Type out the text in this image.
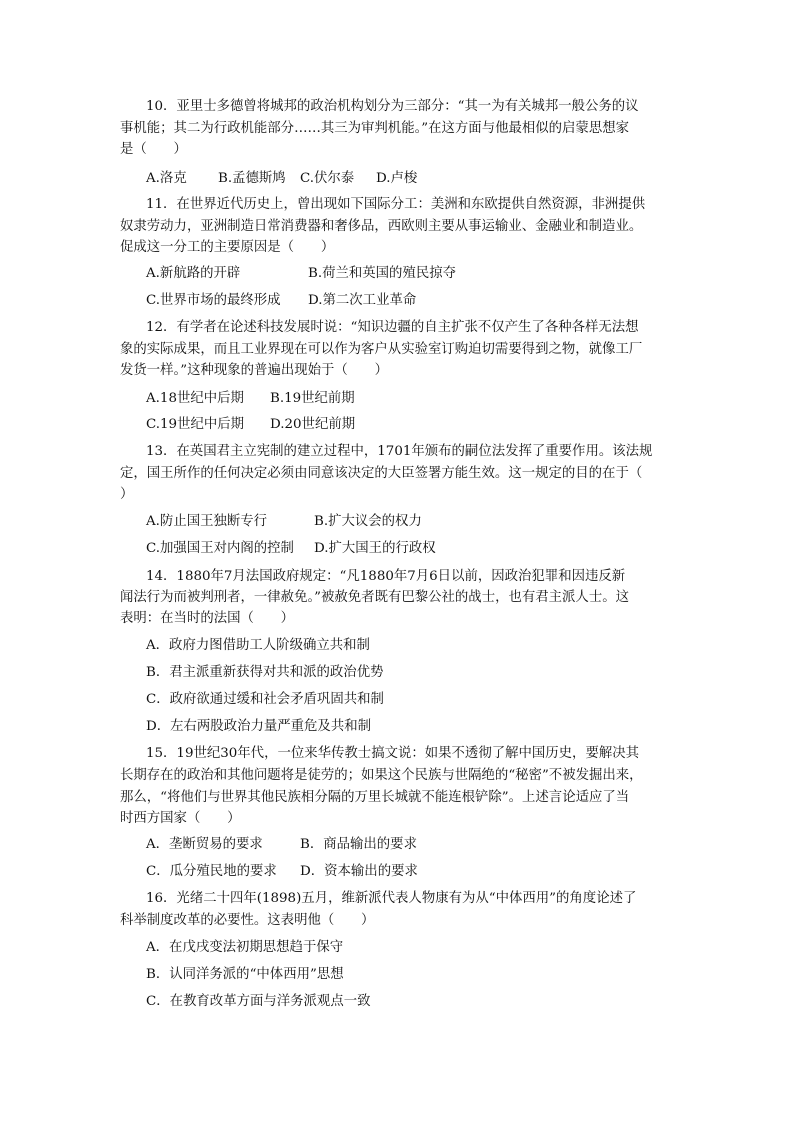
10．亚里士多德曾将城邦的政治机构划分为三部分：“其一为有关城邦一般公务的议
事机能；其二为行政机能部分……其三为审判机能。”在这方面与他最相似的启蒙思想家
是（　　）
A.洛克 B.孟德斯鸠 C.伏尔泰 D.卢梭
11．在世界近代历史上，曾出现如下国际分工：美洲和东欧提供自然资源，非洲提供
奴隶劳动力，亚洲制造日常消费器和奢侈品，西欧则主要从事运输业、金融业和制造业。
促成这一分工的主要原因是（　　）
A.新航路的开辟	B.荷兰和英国的殖民掠夺
C.世界市场的最终形成 D.第二次工业革命
12．有学者在论述科技发展时说：“知识边疆的自主扩张不仅产生了各种各样无法想
象的实际成果，而且工业界现在可以作为客户从实验室订购迫切需要得到之物，就像工厂
发货一样。”这种现象的普遍出现始于（　　）
A.18世纪中后期 B.19世纪前期
C.19世纪中后期 D.20世纪前期
13．在英国君主立宪制的建立过程中，1701年颁布的嗣位法发挥了重要作用。该法规
定，国王所作的任何决定必须由同意该决定的大臣签署方能生效。这一规定的目的在于（
）
A.防止国王独断专行	B.扩大议会的权力
C.加强国王对内阁的控制 D.扩大国王的行政权
14．1880年7月法国政府规定：“凡1880年7月6日以前，因政治犯罪和因违反新
闻法行为而被判刑者，一律赦免。”被赦免者既有巴黎公社的战士，也有君主派人士。这
表明：在当时的法国（　　）
A．政府力图借助工人阶级确立共和制
B．君主派重新获得对共和派的政治优势
C．政府欲通过缓和社会矛盾巩固共和制
D．左右两股政治力量严重危及共和制
15．19世纪30年代，一位来华传教士搞文说：如果不透彻了解中国历史，要解决其
长期存在的政治和其他问题将是徒劳的；如果这个民族与世隔绝的“秘密”不被发掘出来，
那么，“将他们与世界其他民族相分隔的万里长城就不能连根铲除”。上述言论适应了当
时西方国家（　　）
A．垄断贸易的要求	B．商品输出的要求
C．瓜分殖民地的要求 D．资本输出的要求
16．光绪二十四年(1898)五月，维新派代表人物康有为从“中体西用”的角度论述了
科举制度改革的必要性。这表明他（　　）
A．在戊戌变法初期思想趋于保守
B．认同洋务派的“中体西用”思想
C．在教育改革方面与洋务派观点一致
